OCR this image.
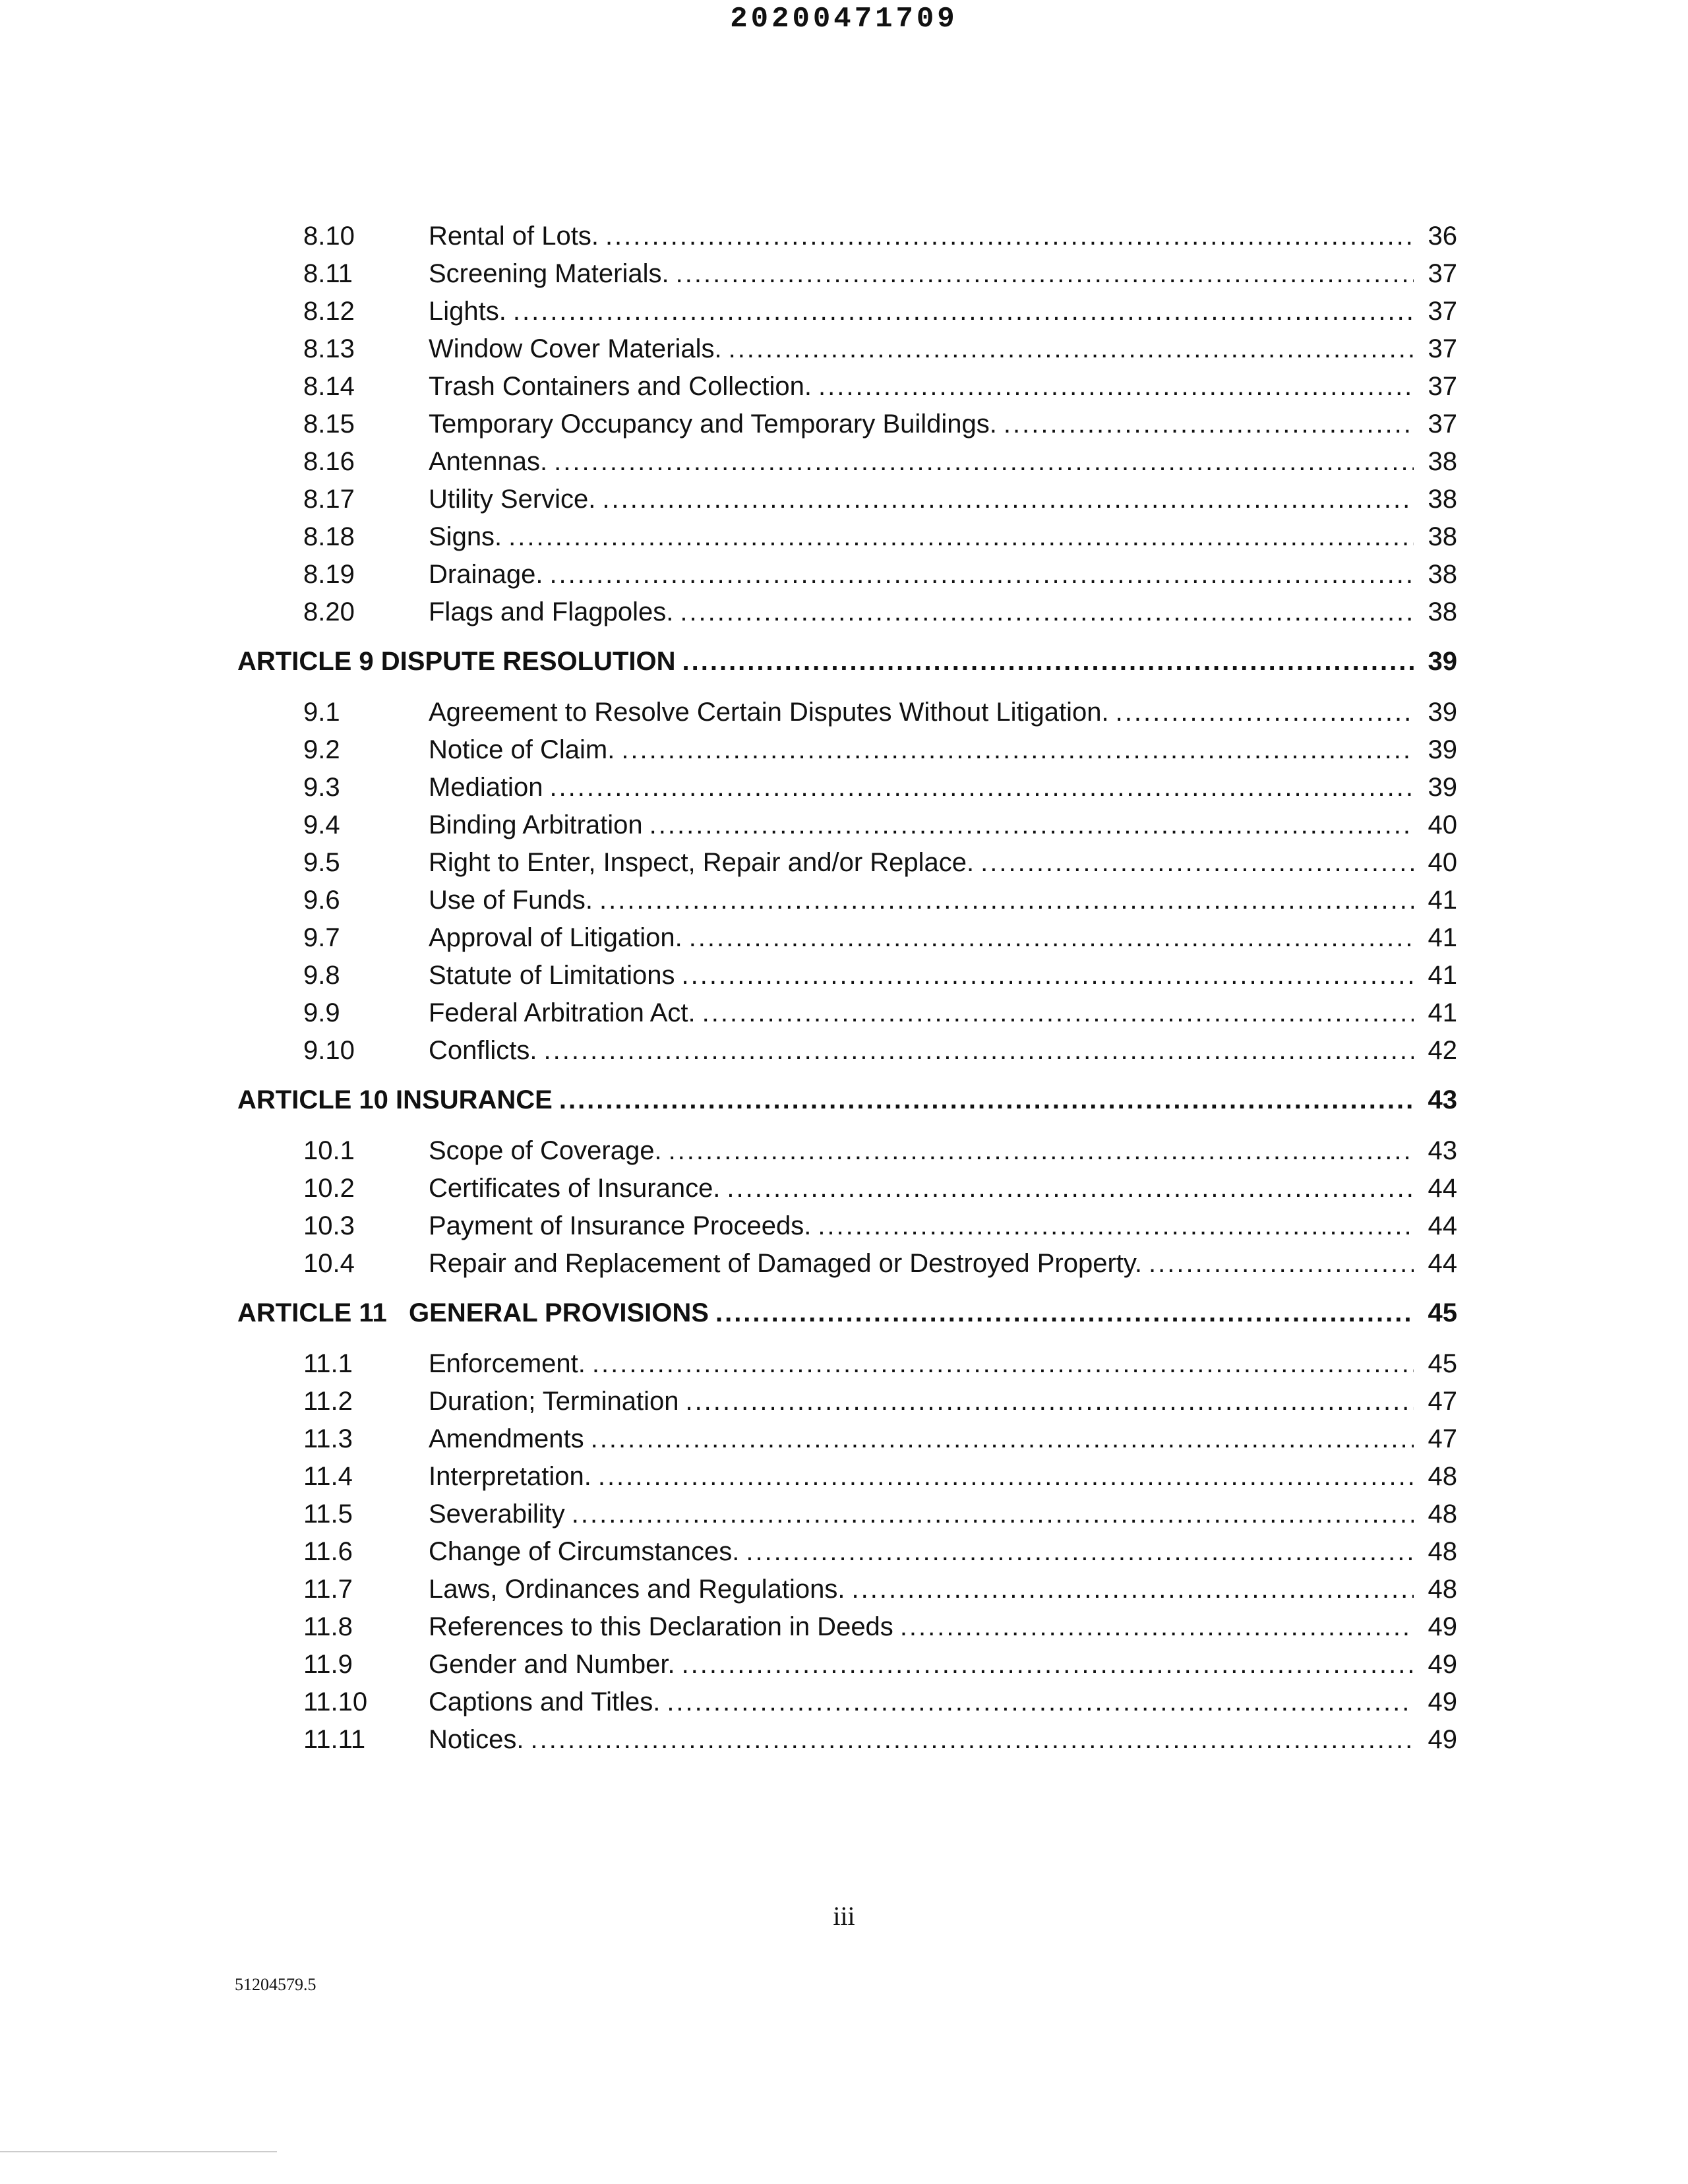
20200471709
8.10	Rental of Lots. .....	36
8.11	Screening Materials. .....	37
8.12	Lights. .....	37
8.13	Window Cover Materials. .....	37
8.14	Trash Containers and Collection. .....	37
8.15	Temporary Occupancy and Temporary Buildings. .....	37
8.16	Antennas. .....	38
8.17	Utility Service. .....	38
8.18	Signs. .....	38
8.19	Drainage. .....	38
8.20	Flags and Flagpoles. .....	38
ARTICLE 9 DISPUTE RESOLUTION .....	39
9.1	Agreement to Resolve Certain Disputes Without Litigation. .....	39
9.2	Notice of Claim. .....	39
9.3	Mediation .....	39
9.4	Binding Arbitration .....	40
9.5	Right to Enter, Inspect, Repair and/or Replace. .....	40
9.6	Use of Funds. .....	41
9.7	Approval of Litigation. .....	41
9.8	Statute of Limitations .....	41
9.9	Federal Arbitration Act. .....	41
9.10	Conflicts. .....	42
ARTICLE 10 INSURANCE .....	43
10.1	Scope of Coverage. .....	43
10.2	Certificates of Insurance. .....	44
10.3	Payment of Insurance Proceeds. .....	44
10.4	Repair and Replacement of Damaged or Destroyed Property. .....	44
ARTICLE 11   GENERAL PROVISIONS .....	45
11.1	Enforcement. .....	45
11.2	Duration; Termination .....	47
11.3	Amendments .....	47
11.4	Interpretation. .....	48
11.5	Severability .....	48
11.6	Change of Circumstances. .....	48
11.7	Laws, Ordinances and Regulations. .....	48
11.8	References to this Declaration in Deeds .....	49
11.9	Gender and Number. .....	49
11.10	Captions and Titles. .....	49
11.11	Notices. .....	49
iii
51204579.5
